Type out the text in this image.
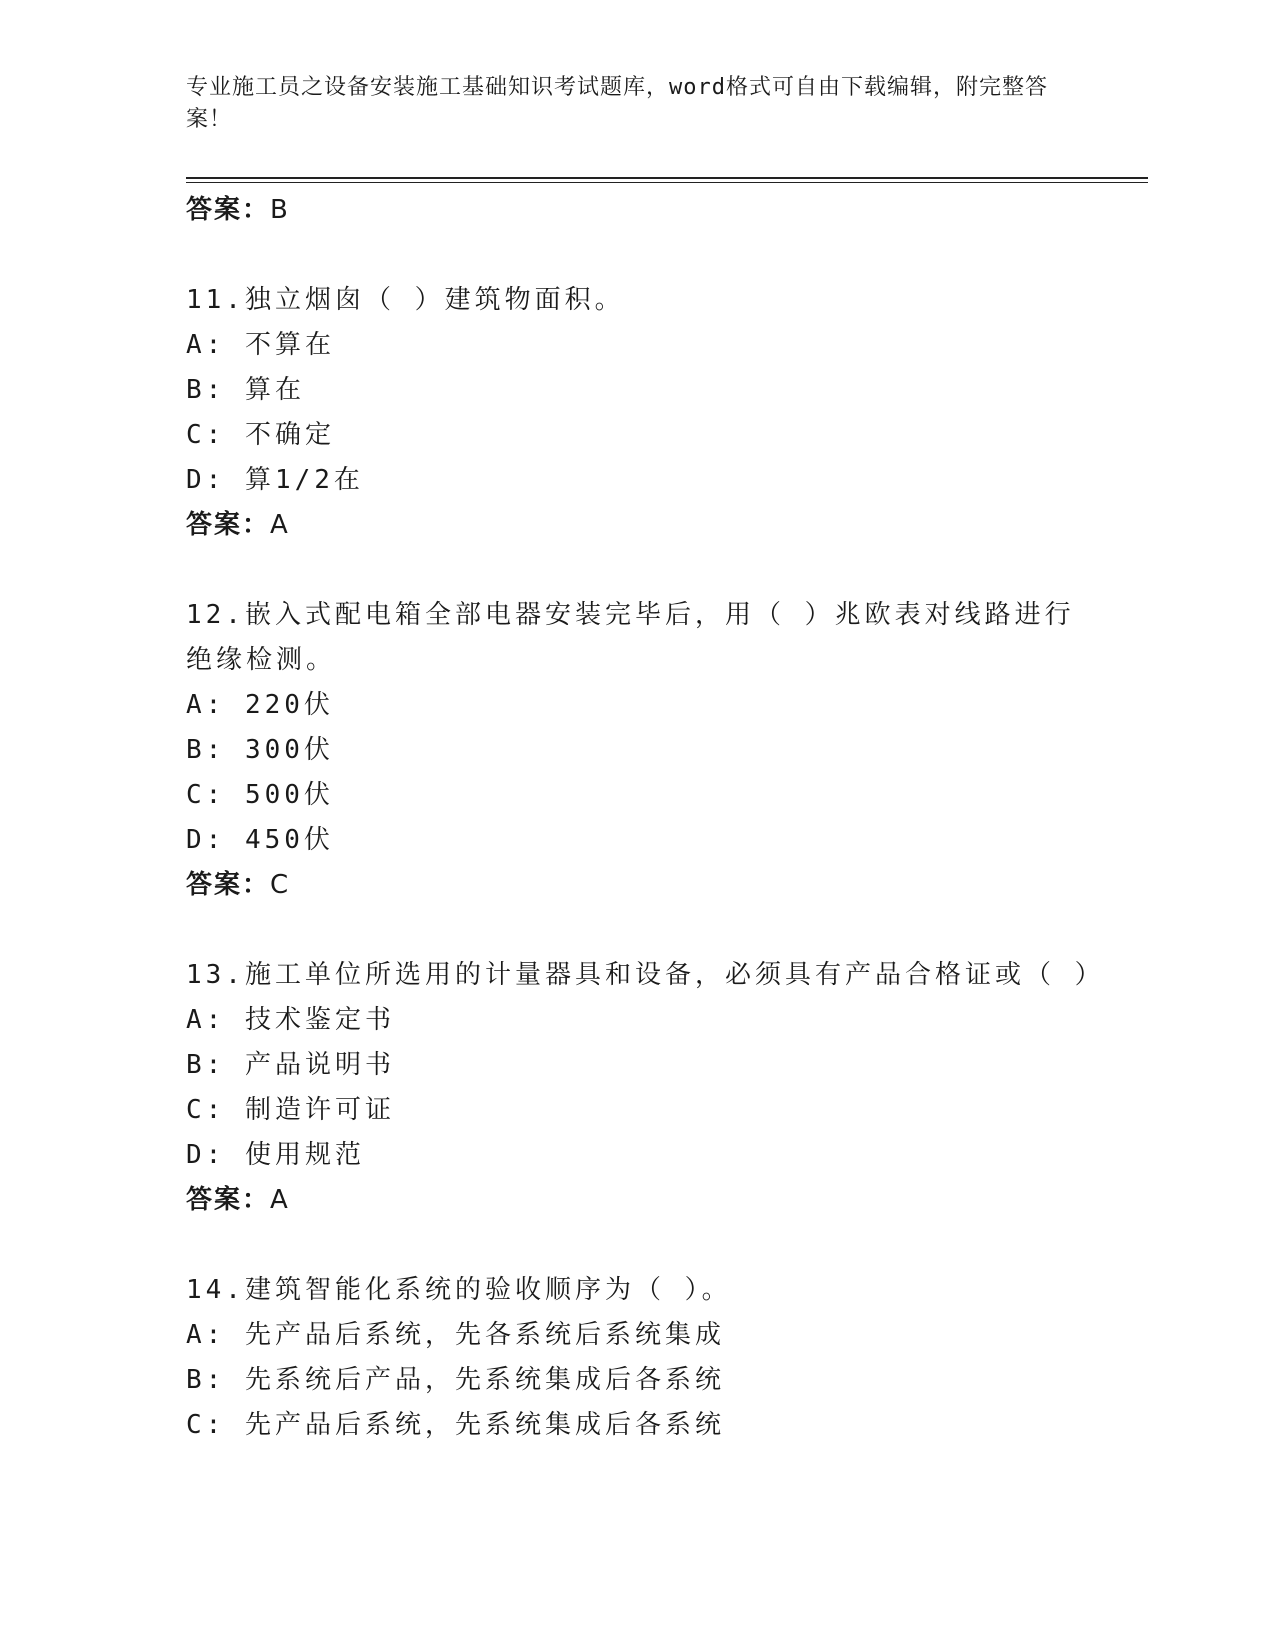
专业施工员之设备安装施工基础知识考试题库，word格式可自由下载编辑，附完整答案！
答案：B
11.独立烟囱（ ）建筑物面积。
A: 不算在
B: 算在
C: 不确定
D: 算1/2在
答案：A
12.嵌入式配电箱全部电器安装完毕后，用（ ）兆欧表对线路进行绝缘检测。
A: 220伏
B: 300伏
C: 500伏
D: 450伏
答案：C
13.施工单位所选用的计量器具和设备，必须具有产品合格证或（ ）
A: 技术鉴定书
B: 产品说明书
C: 制造许可证
D: 使用规范
答案：A
14.建筑智能化系统的验收顺序为（ ）。
A: 先产品后系统，先各系统后系统集成
B: 先系统后产品，先系统集成后各系统
C: 先产品后系统，先系统集成后各系统
